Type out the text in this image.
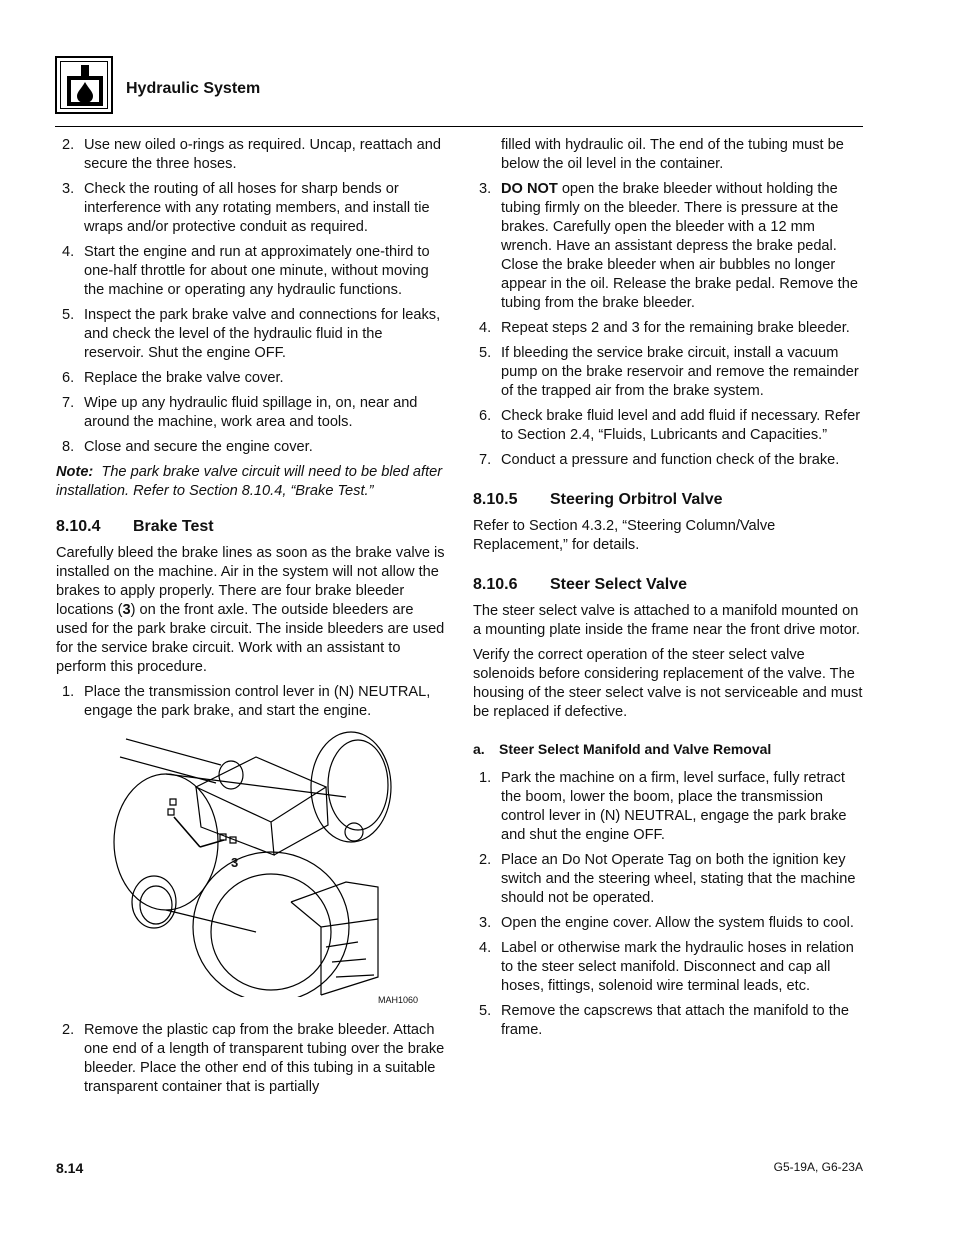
Hydraulic System
2. Use new oiled o-rings as required. Uncap, reattach and secure the three hoses.
3. Check the routing of all hoses for sharp bends or interference with any rotating members, and install tie wraps and/or protective conduit as required.
4. Start the engine and run at approximately one-third to one-half throttle for about one minute, without moving the machine or operating any hydraulic functions.
5. Inspect the park brake valve and connections for leaks, and check the level of the hydraulic fluid in the reservoir. Shut the engine OFF.
6. Replace the brake valve cover.
7. Wipe up any hydraulic fluid spillage in, on, near and around the machine, work area and tools.
8. Close and secure the engine cover.

Note: The park brake valve circuit will need to be bled after installation. Refer to Section 8.10.4, “Brake Test.”

8.10.4 Brake Test

Carefully bleed the brake lines as soon as the brake valve is installed on the machine. Air in the system will not allow the brakes to apply properly. There are four brake bleeder locations (3) on the front axle. The outside bleeders are used for the park brake circuit. The inside bleeders are used for the service brake circuit. Work with an assistant to perform this procedure.

1. Place the transmission control lever in (N) NEUTRAL, engage the park brake, and start the engine.
3
MAH1060
2. Remove the plastic cap from the brake bleeder. Attach one end of a length of transparent tubing over the brake bleeder. Place the other end of this tubing in a suitable transparent container that is partially
filled with hydraulic oil. The end of the tubing must be below the oil level in the container.
3. DO NOT open the brake bleeder without holding the tubing firmly on the bleeder. There is pressure at the brakes. Carefully open the bleeder with a 12 mm wrench. Have an assistant depress the brake pedal. Close the brake bleeder when air bubbles no longer appear in the oil. Release the brake pedal. Remove the tubing from the brake bleeder.
4. Repeat steps 2 and 3 for the remaining brake bleeder.
5. If bleeding the service brake circuit, install a vacuum pump on the brake reservoir and remove the remainder of the trapped air from the brake system.
6. Check brake fluid level and add fluid if necessary. Refer to Section 2.4, “Fluids, Lubricants and Capacities.”
7. Conduct a pressure and function check of the brake.
8.10.5 Steering Orbitrol Valve

Refer to Section 4.3.2, “Steering Column/Valve Replacement,” for details.

8.10.6 Steer Select Valve

The steer select valve is attached to a manifold mounted on a mounting plate inside the frame near the front drive motor.

Verify the correct operation of the steer select valve solenoids before considering replacement of the valve. The housing of the steer select valve is not serviceable and must be replaced if defective.

a. Steer Select Manifold and Valve Removal
1. Park the machine on a firm, level surface, fully retract the boom, lower the boom, place the transmission control lever in (N) NEUTRAL, engage the park brake and shut the engine OFF.
2. Place an Do Not Operate Tag on both the ignition key switch and the steering wheel, stating that the machine should not be operated.
3. Open the engine cover. Allow the system fluids to cool.
4. Label or otherwise mark the hydraulic hoses in relation to the steer select manifold. Disconnect and cap all hoses, fittings, solenoid wire terminal leads, etc.
5. Remove the capscrews that attach the manifold to the frame.
8.14	G5-19A, G6-23A
